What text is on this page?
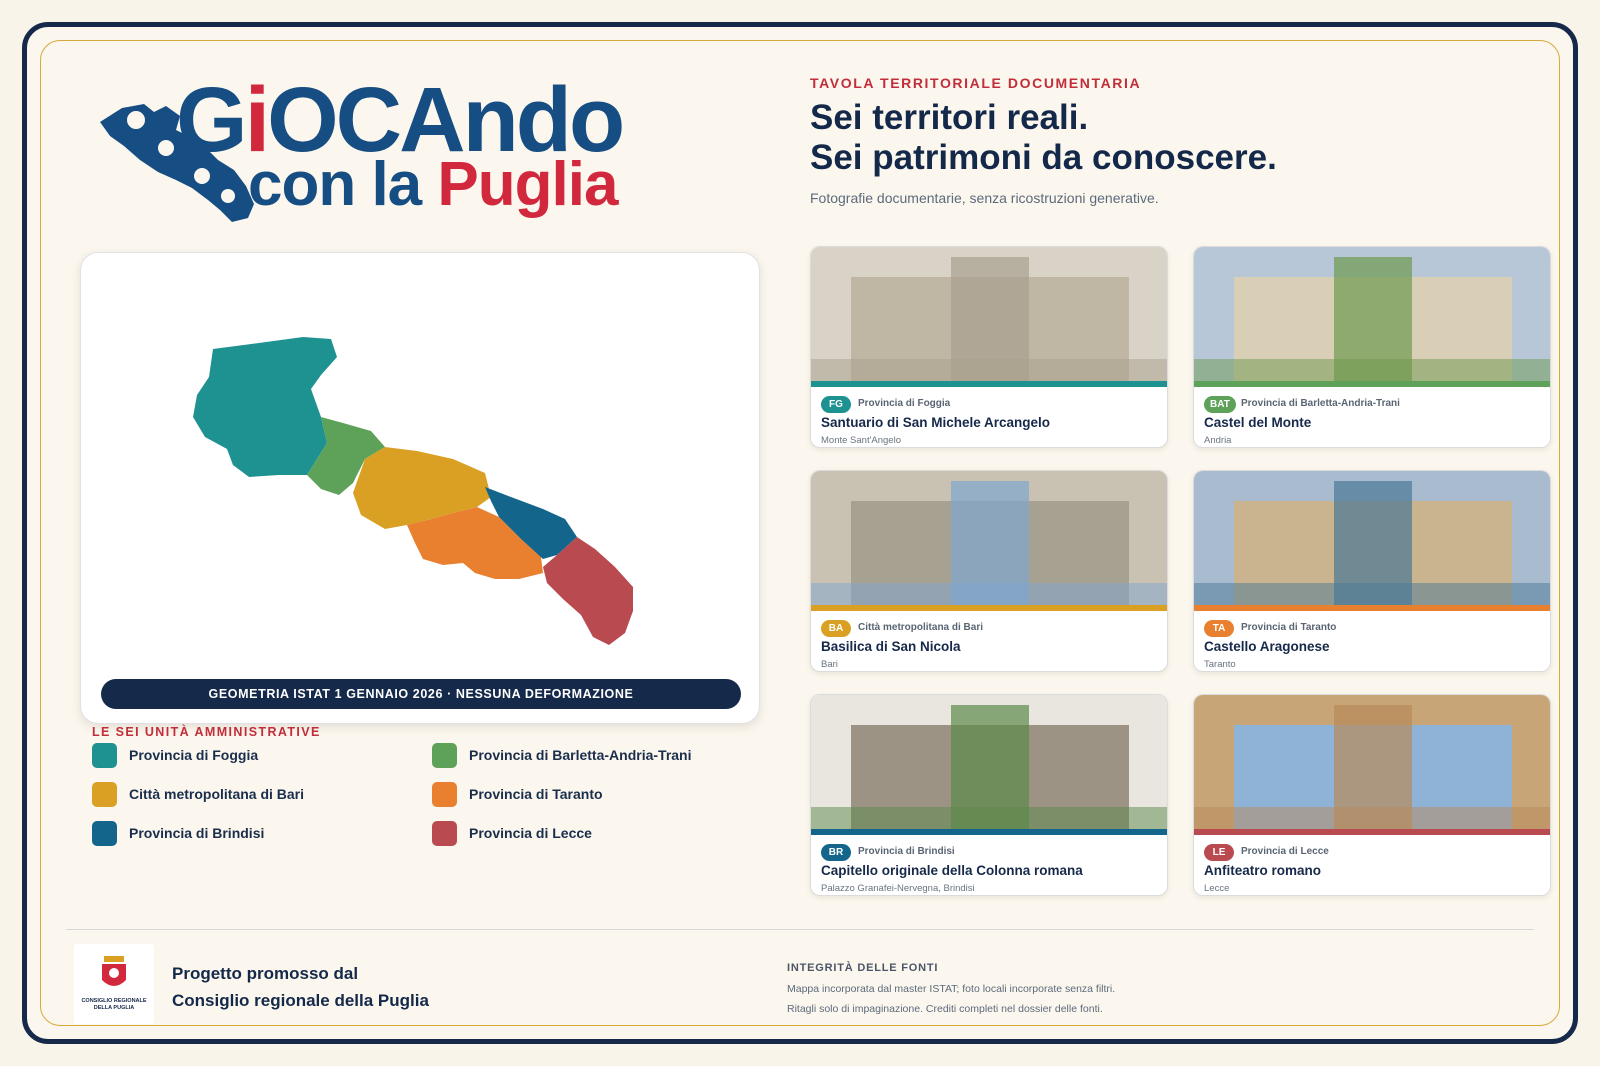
GiOCAndo
con la Puglia
TAVOLA TERRITORIALE DOCUMENTARIA
Sei territori reali.
Sei patrimoni da conoscere.
Fotografie documentarie, senza ricostruzioni generative.
GEOMETRIA ISTAT 1 GENNAIO 2026 · NESSUNA DEFORMAZIONE
LE SEI UNITÀ AMMINISTRATIVE
Provincia di Foggia	Provincia di Barletta-Andria-Trani
Città metropolitana di Bari	Provincia di Taranto
Provincia di Brindisi	Provincia di Lecce
FG	Provincia di Foggia
Santuario di San Michele Arcangelo
Monte Sant'Angelo
BAT	Provincia di Barletta-Andria-Trani
Castel del Monte
Andria
BA	Città metropolitana di Bari
Basilica di San Nicola
Bari
TA	Provincia di Taranto
Castello Aragonese
Taranto
BR	Provincia di Brindisi
Capitello originale della Colonna romana
Palazzo Granafei-Nervegna, Brindisi
LE	Provincia di Lecce
Anfiteatro romano
Lecce
CONSIGLIO REGIONALE DELLA PUGLIA
Progetto promosso dal
Consiglio regionale della Puglia
INTEGRITÀ DELLE FONTI
Mappa incorporata dal master ISTAT; foto locali incorporate senza filtri.
Ritagli solo di impaginazione. Crediti completi nel dossier delle fonti.
